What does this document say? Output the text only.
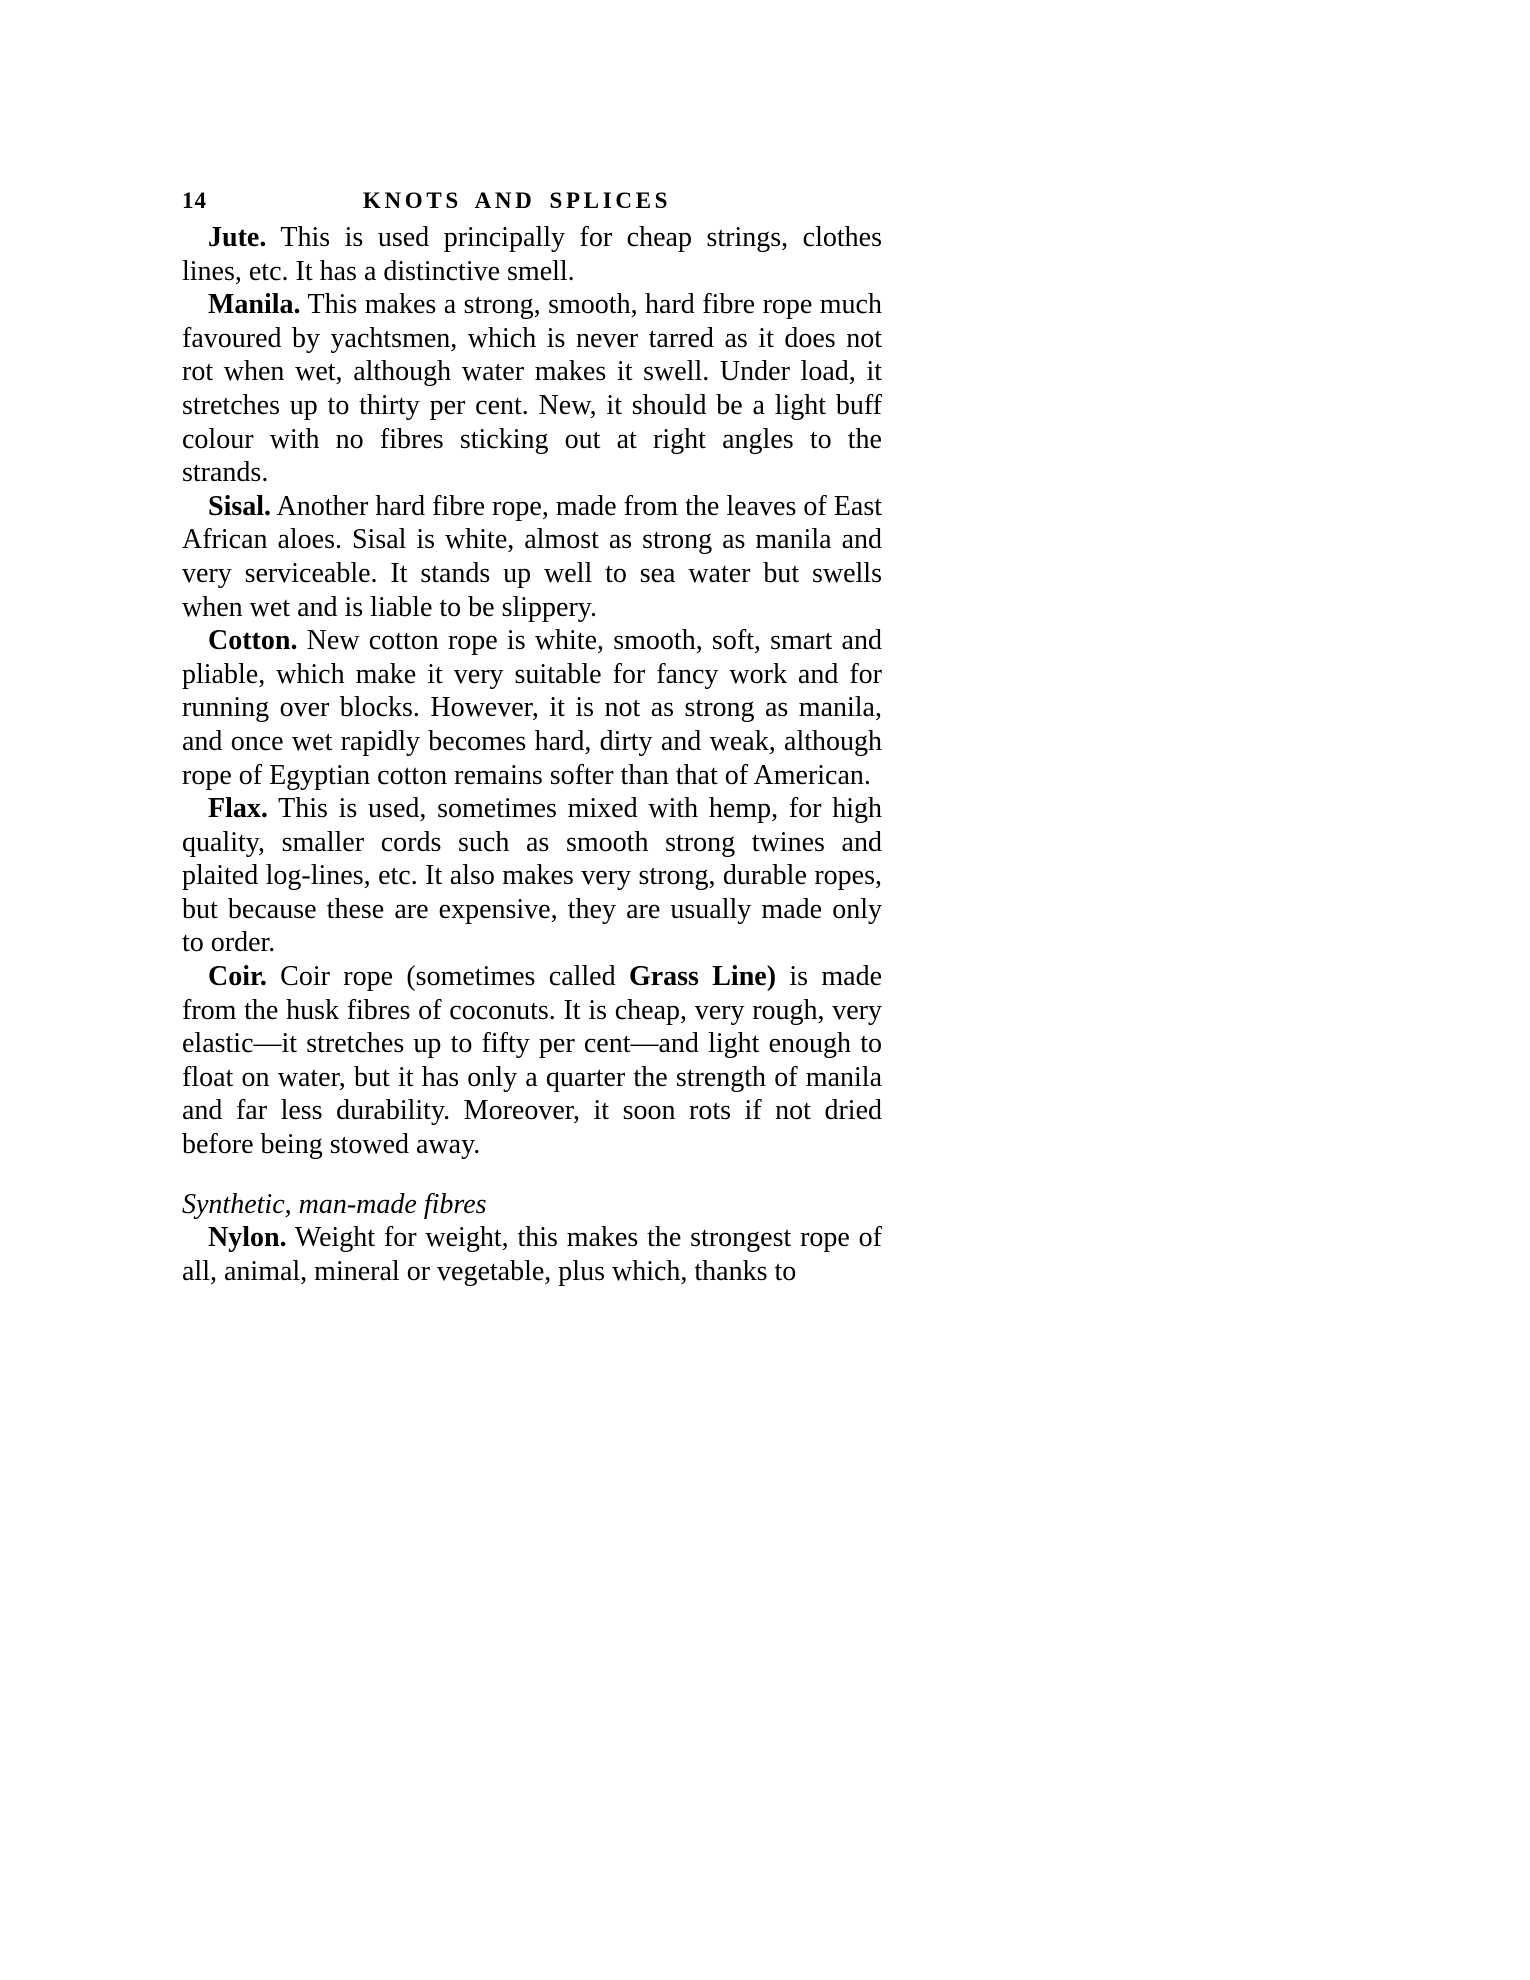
14	KNOTS AND SPLICES

Jute. This is used principally for cheap strings, clothes lines, etc. It has a distinctive smell.

Manila. This makes a strong, smooth, hard fibre rope much favoured by yachtsmen, which is never tarred as it does not rot when wet, although water makes it swell. Under load, it stretches up to thirty per cent. New, it should be a light buff colour with no fibres sticking out at right angles to the strands.

Sisal. Another hard fibre rope, made from the leaves of East African aloes. Sisal is white, almost as strong as manila and very serviceable. It stands up well to sea water but swells when wet and is liable to be slippery.

Cotton. New cotton rope is white, smooth, soft, smart and pliable, which make it very suitable for fancy work and for running over blocks. However, it is not as strong as manila, and once wet rapidly becomes hard, dirty and weak, although rope of Egyptian cotton remains softer than that of American.

Flax. This is used, sometimes mixed with hemp, for high quality, smaller cords such as smooth strong twines and plaited log-lines, etc. It also makes very strong, durable ropes, but because these are expensive, they are usually made only to order.

Coir. Coir rope (sometimes called Grass Line) is made from the husk fibres of coconuts. It is cheap, very rough, very elastic—it stretches up to fifty per cent—and light enough to float on water, but it has only a quarter the strength of manila and far less durability. Moreover, it soon rots if not dried before being stowed away.

Synthetic, man-made fibres

Nylon. Weight for weight, this makes the strongest rope of all, animal, mineral or vegetable, plus which, thanks to
